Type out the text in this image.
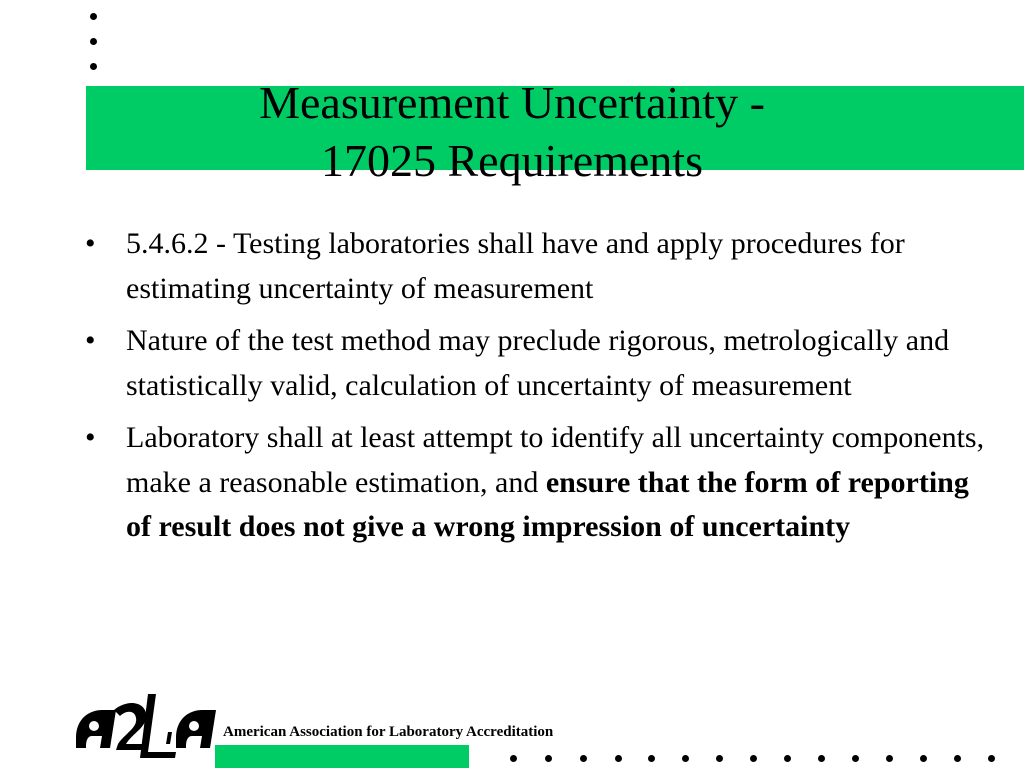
Measurement Uncertainty -
17025 Requirements
• 5.4.6.2 - Testing laboratories shall have and apply procedures for estimating uncertainty of measurement
• Nature of the test method may preclude rigorous, metrologically and statistically valid, calculation of uncertainty of measurement
• Laboratory shall at least attempt to identify all uncertainty components, make a reasonable estimation, and ensure that the form of reporting of result does not give a wrong impression of uncertainty

American Association for Laboratory Accreditation
